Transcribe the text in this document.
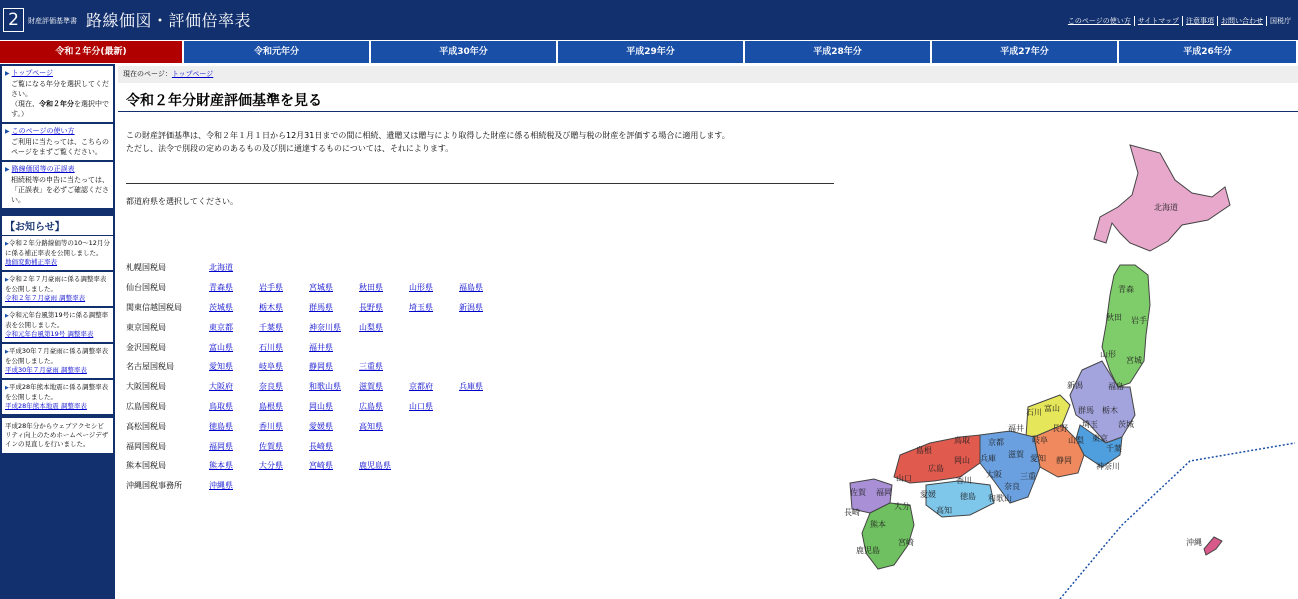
2	財産評価基準書 路線価図・評価倍率表	このページの使い方	サイトマップ	注意事項	お問い合わせ	国税庁
令和２年分(最新)	令和元年分	平成30年分	平成29年分	平成28年分	平成27年分	平成26年分
▶ トップページ
ご覧になる年分を選択してください。
（現在、令和２年分を選択中です。）
▶ このページの使い方
ご利用に当たっては、こちらのページをまずご覧ください。
▶ 路線価図等の正誤表
相続税等の申告に当たっては、「正誤表」を必ずご確認ください。
【お知らせ】
▶令和２年分路線価等の10～12月分に係る補正率表を公開しました。
地価変動補正率表
▶令和２年７月豪雨に係る調整率表を公開しました。
令和２年７月豪雨 調整率表
▶令和元年台風第19号に係る調整率表を公開しました。
令和元年台風第19号 調整率表
▶平成30年７月豪雨に係る調整率表を公開しました。
平成30年７月豪雨 調整率表
▶平成28年熊本地震に係る調整率表を公開しました。
平成28年熊本地震 調整率表
平成28年分からウェブアクセシビリティ向上のためホームページデザインの見直しを行いました。
現在のページ：トップページ
令和２年分財産評価基準を見る
この財産評価基準は、令和２年１月１日から12月31日までの間に相続、遺贈又は贈与により取得した財産に係る相続税及び贈与税の財産を評価する場合に適用します。
ただし、法令で別段の定めのあるもの及び別に通達するものについては、それによります。
都道府県を選択してください。
札幌国税局	北海道
仙台国税局	青森県	岩手県	宮城県	秋田県	山形県	福島県
関東信越国税局	茨城県	栃木県	群馬県	長野県	埼玉県	新潟県
東京国税局	東京都	千葉県	神奈川県	山梨県
金沢国税局	富山県	石川県	福井県
名古屋国税局	愛知県	岐阜県	静岡県	三重県
大阪国税局	大阪府	奈良県	和歌山県	滋賀県	京都府	兵庫県
広島国税局	鳥取県	島根県	岡山県	広島県	山口県
高松国税局	徳島県	香川県	愛媛県	高知県
福岡国税局	福岡県	佐賀県	長崎県
熊本国税局	熊本県	大分県	宮崎県	鹿児島県
沖縄国税事務所	沖縄県
北海道
青森
秋田 岩手
山形
宮城
新潟	福島
石川 富山 群馬 栃木
茨城
福井	長野 埼玉
島根
鳥取 京都
滋賀
岐阜	山梨 東京
千葉
広島
岡山 兵庫	愛知 静岡
神奈川
山口	香川
大阪 三重
奈良
佐賀 福岡	愛媛	徳島 和歌山
長崎
大分	高知
熊本
宮崎
鹿児島
沖縄
